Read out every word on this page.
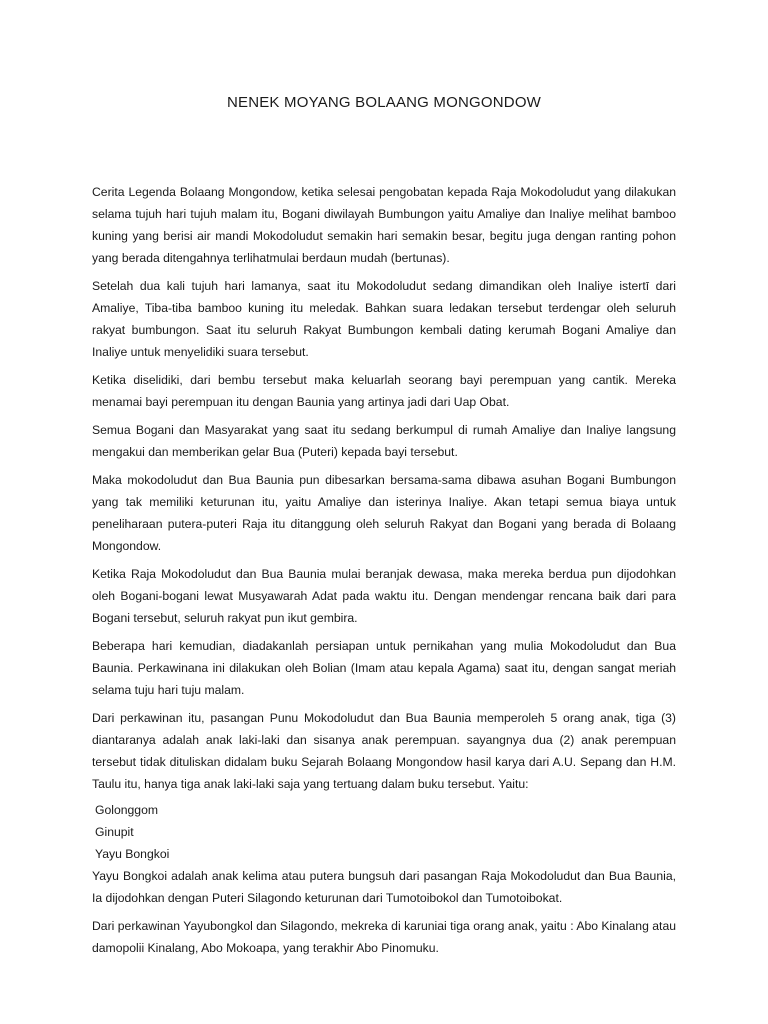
NENEK MOYANG BOLAANG MONGONDOW

Cerita Legenda Bolaang Mongondow, ketika selesai pengobatan kepada Raja Mokodoludut yang dilakukan selama tujuh hari tujuh malam itu, Bogani diwilayah Bumbungon yaitu Amaliye dan Inaliye melihat bamboo kuning yang berisi air mandi Mokodoludut semakin hari semakin besar, begitu juga dengan ranting pohon yang berada ditengahnya terlihatmulai berdaun mudah (bertunas).

Setelah dua kali tujuh hari lamanya, saat itu Mokodoludut sedang dimandikan oleh Inaliye istertī dari Amaliye, Tiba-tiba bamboo kuning itu meledak. Bahkan suara ledakan tersebut terdengar oleh seluruh rakyat bumbungon. Saat itu seluruh Rakyat Bumbungon kembali dating kerumah Bogani Amaliye dan Inaliye untuk menyelidiki suara tersebut.

Ketika diselidiki, dari bembu tersebut maka keluarlah seorang bayi perempuan yang cantik. Mereka menamai bayi perempuan itu dengan Baunia yang artinya jadi dari Uap Obat.

Semua Bogani dan Masyarakat yang saat itu sedang berkumpul di rumah Amaliye dan Inaliye langsung mengakui dan memberikan gelar Bua (Puteri) kepada bayi tersebut.

Maka mokodoludut dan Bua Baunia pun dibesarkan bersama-sama dibawa asuhan Bogani Bumbungon yang tak memiliki keturunan itu, yaitu Amaliye dan isterinya Inaliye. Akan tetapi semua biaya untuk peneliharaan putera-puteri Raja itu ditanggung oleh seluruh Rakyat dan Bogani yang berada di Bolaang Mongondow.

Ketika Raja Mokodoludut dan Bua Baunia mulai beranjak dewasa, maka mereka berdua pun dijodohkan oleh Bogani-bogani lewat Musyawarah Adat pada waktu itu. Dengan mendengar rencana baik dari para Bogani tersebut, seluruh rakyat pun ikut gembira.

Beberapa hari kemudian, diadakanlah persiapan untuk pernikahan yang mulia Mokodoludut dan Bua Baunia. Perkawinana ini dilakukan oleh Bolian (Imam atau kepala Agama) saat itu, dengan sangat meriah selama tuju hari tuju malam.

Dari perkawinan itu, pasangan Punu Mokodoludut dan Bua Baunia memperoleh 5 orang anak, tiga (3) diantaranya adalah anak laki-laki dan sisanya anak perempuan. sayangnya dua (2) anak perempuan tersebut tidak dituliskan didalam buku Sejarah Bolaang Mongondow hasil karya dari A.U. Sepang dan H.M. Taulu itu, hanya tiga anak laki-laki saja yang tertuang dalam buku tersebut. Yaitu:

Golonggom
Ginupit
Yayu Bongkoi

Yayu Bongkoi adalah anak kelima atau putera bungsuh dari pasangan Raja Mokodoludut dan Bua Baunia, Ia dijodohkan dengan Puteri Silagondo keturunan dari Tumotoibokol dan Tumotoibokat.

Dari perkawinan Yayubongkol dan Silagondo, mekreka di karuniai tiga orang anak, yaitu : Abo Kinalang atau damopolii Kinalang, Abo Mokoapa, yang terakhir Abo Pinomuku.
